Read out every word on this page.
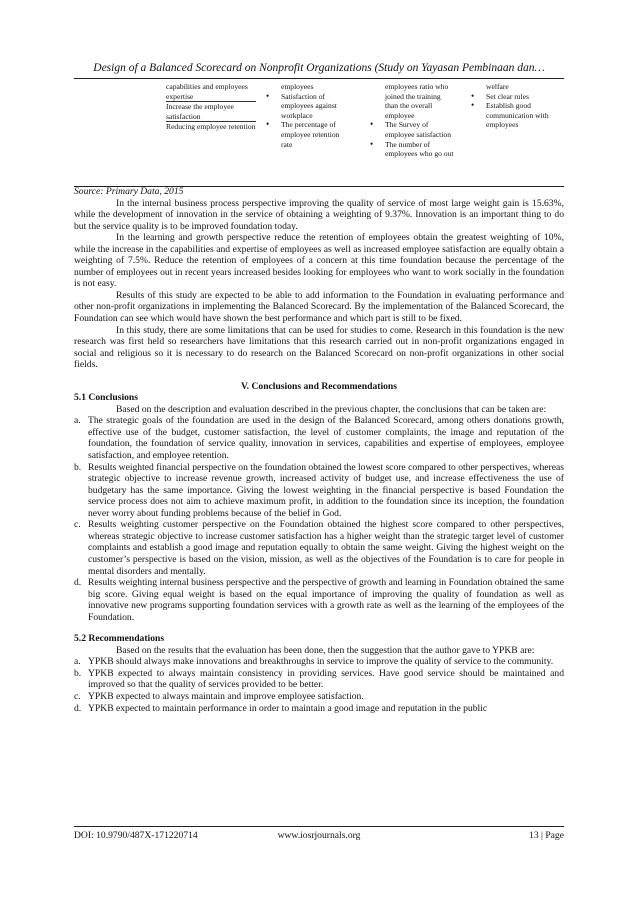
Design of a Balanced Scorecard on Nonprofit Organizations (Study on Yayasan Pembinaan dan…
capabilities and employees expertise
Increase the employee satisfaction
Reducing employee retention
employees
• Satisfaction of employees against workplace
• The percentage of employee retention rate
employees ratio who joined the training than the overall employee
• The Survey of employee satisfaction
• The number of employees who go out
welfare
• Set clear rules
• Establish good communication with employees

Source: Primary Data, 2015

In the internal business process perspective improving the quality of service of most large weight gain is 15.63%, while the development of innovation in the service of obtaining a weighting of 9.37%. Innovation is an important thing to do but the service quality is to be improved foundation today.

In the learning and growth perspective reduce the retention of employees obtain the greatest weighting of 10%, while the increase in the capabilities and expertise of employees as well as increased employee satisfaction are equally obtain a weighting of 7.5%. Reduce the retention of employees of a concern at this time foundation because the percentage of the number of employees out in recent years increased besides looking for employees who want to work socially in the foundation is not easy.

Results of this study are expected to be able to add information to the Foundation in evaluating performance and other non-profit organizations in implementing the Balanced Scorecard. By the implementation of the Balanced Scorecard, the Foundation can see which would have shown the best performance and which part is still to be fixed.

In this study, there are some limitations that can be used for studies to come. Research in this foundation is the new research was first held so researchers have limitations that this research carried out in non-profit organizations engaged in social and religious so it is necessary to do research on the Balanced Scorecard on non-profit organizations in other social fields.

V. Conclusions and Recommendations

5.1 Conclusions

Based on the description and evaluation described in the previous chapter, the conclusions that can be taken are:

a. The strategic goals of the foundation are used in the design of the Balanced Scorecard, among others donations growth, effective use of the budget, customer satisfaction, the level of customer complaints, the image and reputation of the foundation, the foundation of service quality, innovation in services, capabilities and expertise of employees, employee satisfaction, and employee retention.
b. Results weighted financial perspective on the foundation obtained the lowest score compared to other perspectives, whereas strategic objective to increase revenue growth, increased activity of budget use, and increase effectiveness the use of budgetary has the same importance. Giving the lowest weighting in the financial perspective is based Foundation the service process does not aim to achieve maximum profit, in addition to the foundation since its inception, the foundation never worry about funding problems because of the belief in God.
c. Results weighting customer perspective on the Foundation obtained the highest score compared to other perspectives, whereas strategic objective to increase customer satisfaction has a higher weight than the strategic target level of customer complaints and establish a good image and reputation equally to obtain the same weight. Giving the highest weight on the customer’s perspective is based on the vision, mission, as well as the objectives of the Foundation is to care for people in mental disorders and mentally.
d. Results weighting internal business perspective and the perspective of growth and learning in Foundation obtained the same big score. Giving equal weight is based on the equal importance of improving the quality of foundation as well as innovative new programs supporting foundation services with a growth rate as well as the learning of the employees of the Foundation.

5.2 Recommendations

Based on the results that the evaluation has been done, then the suggestion that the author gave to YPKB are:

a. YPKB should always make innovations and breakthroughs in service to improve the quality of service to the community.
b. YPKB expected to always maintain consistency in providing services. Have good service should be maintained and improved so that the quality of services provided to be better.
c. YPKB expected to always maintain and improve employee satisfaction.
d. YPKB expected to maintain performance in order to maintain a good image and reputation in the public
DOI: 10.9790/487X-171220714	www.iosrjournals.org	13 | Page
